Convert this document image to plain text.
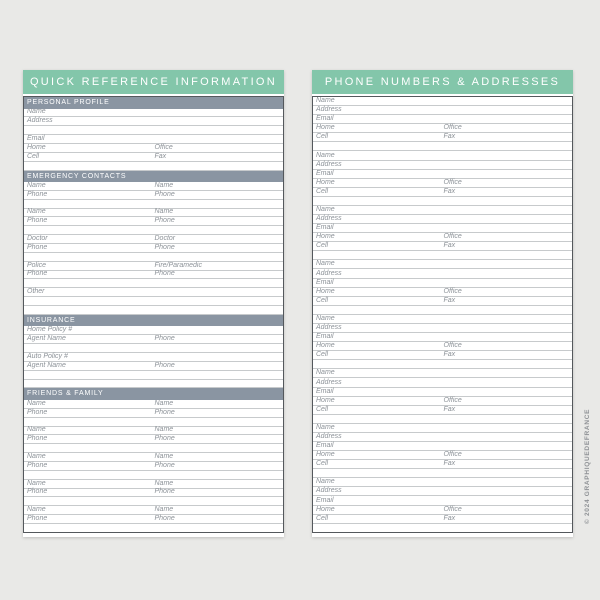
QUICK REFERENCE INFORMATION
PERSONAL PROFILE
Name
Address
Email
Home	Office
Cell	Fax
EMERGENCY CONTACTS
Name	Name
Phone	Phone
Name	Name
Phone	Phone
Doctor	Doctor
Phone	Phone
Police	Fire/Paramedic
Phone	Phone
Other
INSURANCE
Home Policy #
Agent Name	Phone
Auto Policy #
Agent Name	Phone
FRIENDS & FAMILY
Name	Name
Phone	Phone
Name	Name
Phone	Phone
Name	Name
Phone	Phone
Name	Name
Phone	Phone
Name	Name
Phone	Phone
PHONE NUMBERS & ADDRESSES
Name
Address
Email
Home	Office
Cell	Fax
Name
Address
Email
Home	Office
Cell	Fax
Name
Address
Email
Home	Office
Cell	Fax
Name
Address
Email
Home	Office
Cell	Fax
Name
Address
Email
Home	Office
Cell	Fax
Name
Address
Email
Home	Office
Cell	Fax
Name
Address
Email
Home	Office
Cell	Fax
Name
Address
Email
Home	Office
Cell	Fax	© 2024 GRAPHIQUEDEFRANCE
